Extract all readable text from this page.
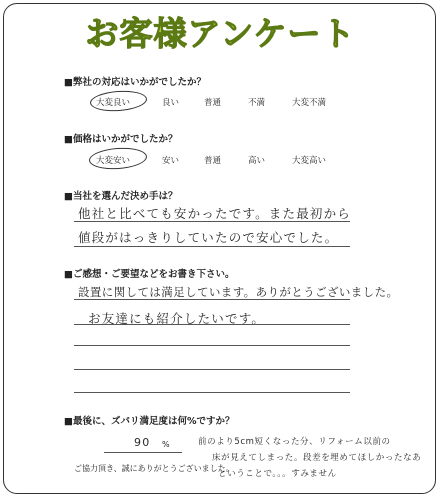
お客様アンケート
■弊社の対応はいかがでしたか？
大変良い	良い	普通	不満	大変不満
■価格はいかがでしたか？
大変安い	安い	普通	高い	大変高い
■当社を選んだ決め手は？
他社と比べても安かったです。また最初から
値段がはっきりしていたので安心でした。
■ご感想・ご要望などをお書き下さい。
設置に関しては満足しています。ありがとうございました。
お友達にも紹介したいです。
■最後に、ズバリ満足度は何%ですか？
90 %	前のより5cm短くなった分、リフォーム以前の
床が見えてしまった。段差を埋めてほしかったなあ
ということで。。。すみません
ご協力頂き、誠にありがとうございました。
